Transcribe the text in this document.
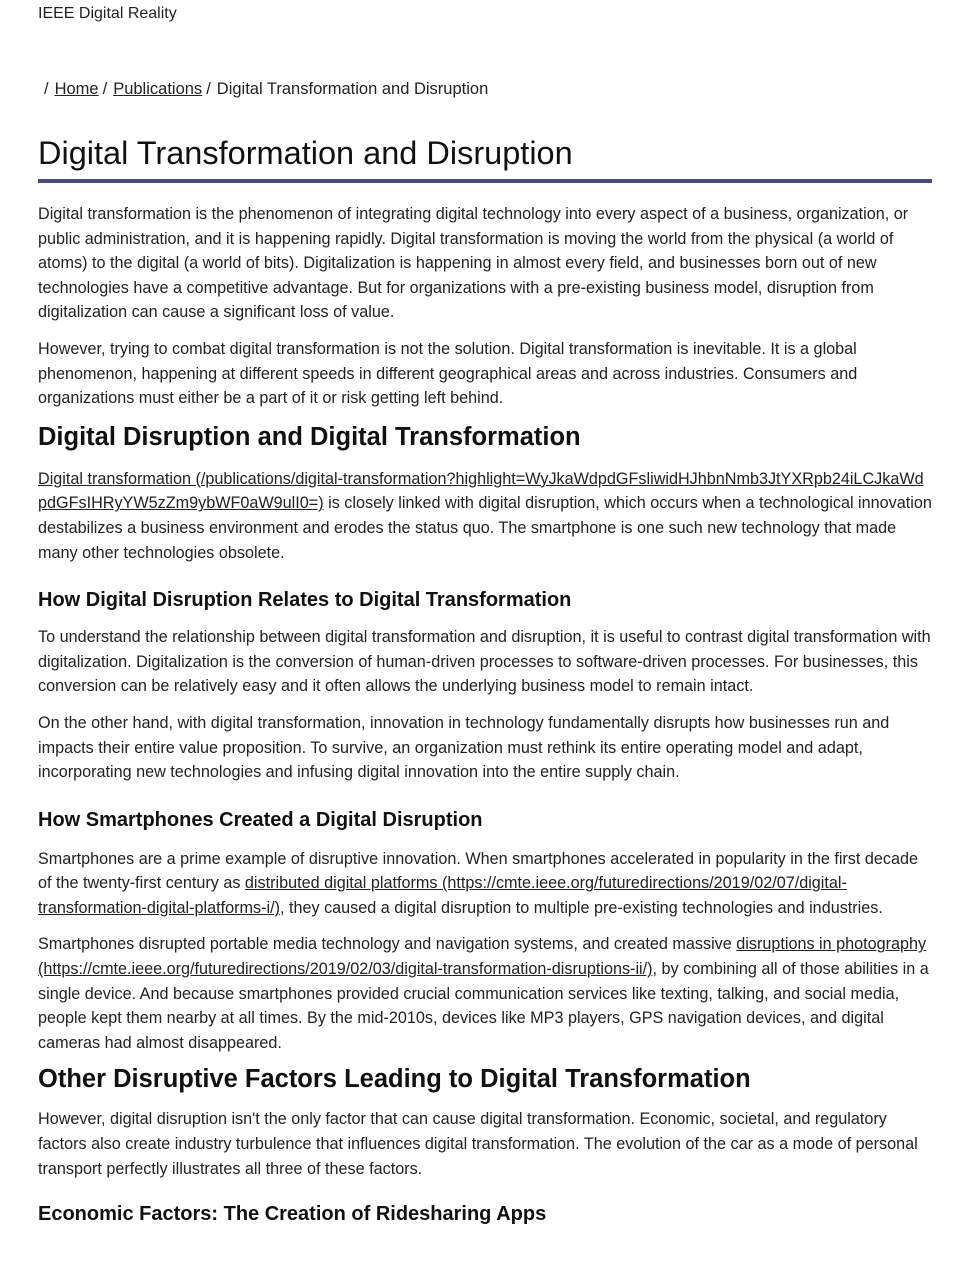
IEEE Digital Reality
/ Home / Publications / Digital Transformation and Disruption
Digital Transformation and Disruption

Digital transformation is the phenomenon of integrating digital technology into every aspect of a business, organization, or public administration, and it is happening rapidly. Digital transformation is moving the world from the physical (a world of atoms) to the digital (a world of bits). Digitalization is happening in almost every field, and businesses born out of new technologies have a competitive advantage. But for organizations with a pre-existing business model, disruption from digitalization can cause a significant loss of value.

However, trying to combat digital transformation is not the solution. Digital transformation is inevitable. It is a global phenomenon, happening at different speeds in different geographical areas and across industries. Consumers and organizations must either be a part of it or risk getting left behind.

Digital Disruption and Digital Transformation

Digital transformation (/publications/digital-transformation?highlight=WyJkaWdpdGFsliwidHJhbnNmb3JtYXRpb24iLCJkaWdpdGFsIHRyYW5zZm9ybWF0aW9ulI0=) is closely linked with digital disruption, which occurs when a technological innovation destabilizes a business environment and erodes the status quo. The smartphone is one such new technology that made many other technologies obsolete.

How Digital Disruption Relates to Digital Transformation

To understand the relationship between digital transformation and disruption, it is useful to contrast digital transformation with digitalization. Digitalization is the conversion of human-driven processes to software-driven processes. For businesses, this conversion can be relatively easy and it often allows the underlying business model to remain intact.

On the other hand, with digital transformation, innovation in technology fundamentally disrupts how businesses run and impacts their entire value proposition. To survive, an organization must rethink its entire operating model and adapt, incorporating new technologies and infusing digital innovation into the entire supply chain.

How Smartphones Created a Digital Disruption

Smartphones are a prime example of disruptive innovation. When smartphones accelerated in popularity in the first decade of the twenty-first century as distributed digital platforms (https://cmte.ieee.org/futuredirections/2019/02/07/digital-transformation-digital-platforms-i/), they caused a digital disruption to multiple pre-existing technologies and industries.

Smartphones disrupted portable media technology and navigation systems, and created massive disruptions in photography (https://cmte.ieee.org/futuredirections/2019/02/03/digital-transformation-disruptions-ii/), by combining all of those abilities in a single device. And because smartphones provided crucial communication services like texting, talking, and social media, people kept them nearby at all times. By the mid-2010s, devices like MP3 players, GPS navigation devices, and digital cameras had almost disappeared.

Other Disruptive Factors Leading to Digital Transformation

However, digital disruption isn't the only factor that can cause digital transformation. Economic, societal, and regulatory factors also create industry turbulence that influences digital transformation. The evolution of the car as a mode of personal transport perfectly illustrates all three of these factors.

Economic Factors: The Creation of Ridesharing Apps
